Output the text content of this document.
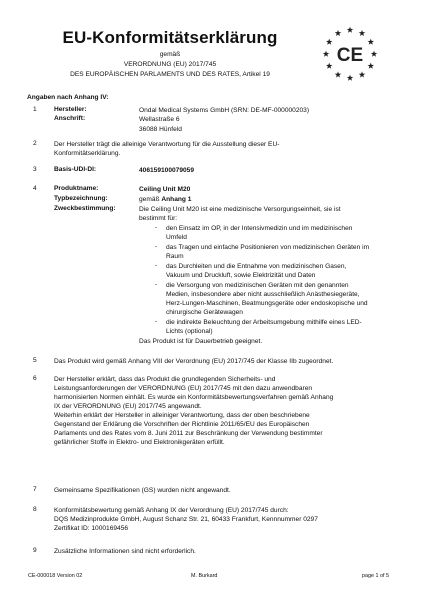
EU-Konformitätserklärung
gemäß
VERORDNUNG (EU) 2017/745
DES EUROPÄISCHEN PARLAMENTS UND DES RATES, Artikel 19
CE
Angaben nach Anhang IV:
1	Hersteller:	Ondal Medical Systems GmbH (SRN: DE-MF-000000203)
Anschrift:	Wellastraße 6
36088 Hünfeld
2	Der Hersteller trägt die alleinige Verantwortung für die Ausstellung dieser EU-
Konformitätserklärung.
3	Basis-UDI-DI:	406159100079059
4	Produktname:	Ceiling Unit M20
Typbezeichnung:	gemäß Anhang 1
Zweckbestimmung:	Die Ceiling Unit M20 ist eine medizinische Versorgungseinheit, sie ist
bestimmt für:
- den Einsatz im OP, in der Intensivmedizin und im medizinischen
Umfeld
- das Tragen und einfache Positionieren von medizinischen Geräten im
Raum
- das Durchleiten und die Entnahme von medizinischen Gasen,
Vakuum und Druckluft, sowie Elektrizität und Daten
- die Versorgung von medizinischen Geräten mit den genannten
Medien, insbesondere aber nicht ausschließlich Anästhesiegeräte,
Herz-Lungen-Maschinen, Beatmungsgeräte oder endoskopische und
chirurgische Gerätewagen
- die indirekte Beleuchtung der Arbeitsumgebung mithilfe eines LED-
Lichts (optional)
Das Produkt ist für Dauerbetrieb geeignet.
5	Das Produkt wird gemäß Anhang VIII der Verordnung (EU) 2017/745 der Klasse IIb zugeordnet.
6	Der Hersteller erklärt, dass das Produkt die grundlegenden Sicherheits- und
Leistungsanforderungen der VERORDNUNG (EU) 2017/745 mit den dazu anwendbaren
harmonisierten Normen einhält. Es wurde ein Konformitätsbewertungsverfahren gemäß Anhang
IX der VERORDNUNG (EU) 2017/745 angewandt.
Weiterhin erklärt der Hersteller in alleiniger Verantwortung, dass der oben beschriebene
Gegenstand der Erklärung die Vorschriften der Richtlinie 2011/65/EU des Europäischen
Parlaments und des Rates vom 8. Juni 2011 zur Beschränkung der Verwendung bestimmter
gefährlicher Stoffe in Elektro- und Elektronikgeräten erfüllt.
7	Gemeinsame Spezifikationen (GS) wurden nicht angewandt.
8	Konformitätsbewertung gemäß Anhang IX der Verordnung (EU) 2017/745 durch:
DQS Medizinprodukte GmbH, August Schanz Str. 21, 60433 Frankfurt, Kennnummer 0297
Zertifikat ID: 1000169456
9	Zusätzliche Informationen sind nicht erforderlich.
CE-000018 Version 02	M. Burkard	page 1 of 5
